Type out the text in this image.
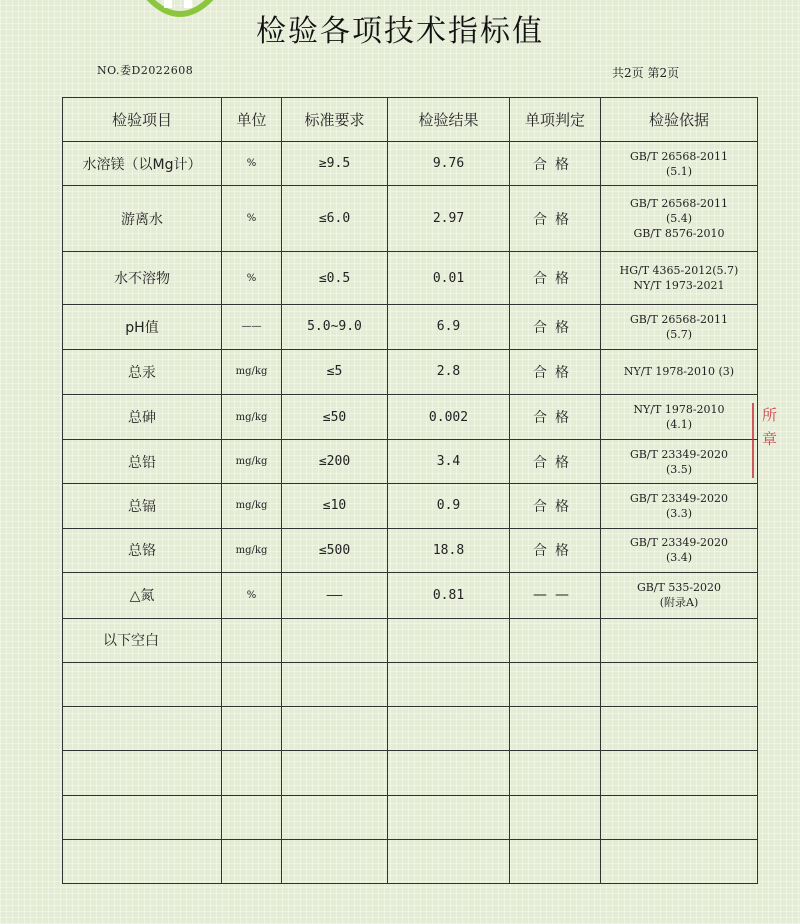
检验各项技术指标值
NO.委D2022608	共2页 第2页
检验项目	单位	标准要求	检验结果	单项判定	检验依据
水溶镁（以Mg计）	%	≥9.5	9.76	合格	GB/T 26568-2011
(5.1)

游离水	%	≤6.0	2.97	合格	GB/T 26568-2011
(5.4)
GB/T 8576-2010

水不溶物	%	≤0.5	0.01	合格	HG/T 4365-2012(5.7)
NY/T 1973-2021

pH值	——	5.0~9.0	6.9	合格	GB/T 26568-2011
(5.7)

总汞	mg/kg	≤5	2.8	合格	NY/T 1978-2010 (3)

总砷	mg/kg	≤50	0.002	合格	NY/T 1978-2010
(4.1)

总铅	mg/kg	≤200	3.4	合格	GB/T 23349-2020
(3.5)

总镉	mg/kg	≤10	0.9	合格	GB/T 23349-2020
(3.3)

总铬	mg/kg	≤500	18.8	合格	GB/T 23349-2020
(3.4)

△氮	%	——	0.81	——	GB/T 535-2020
(附录A)

以下空白					

所
章
